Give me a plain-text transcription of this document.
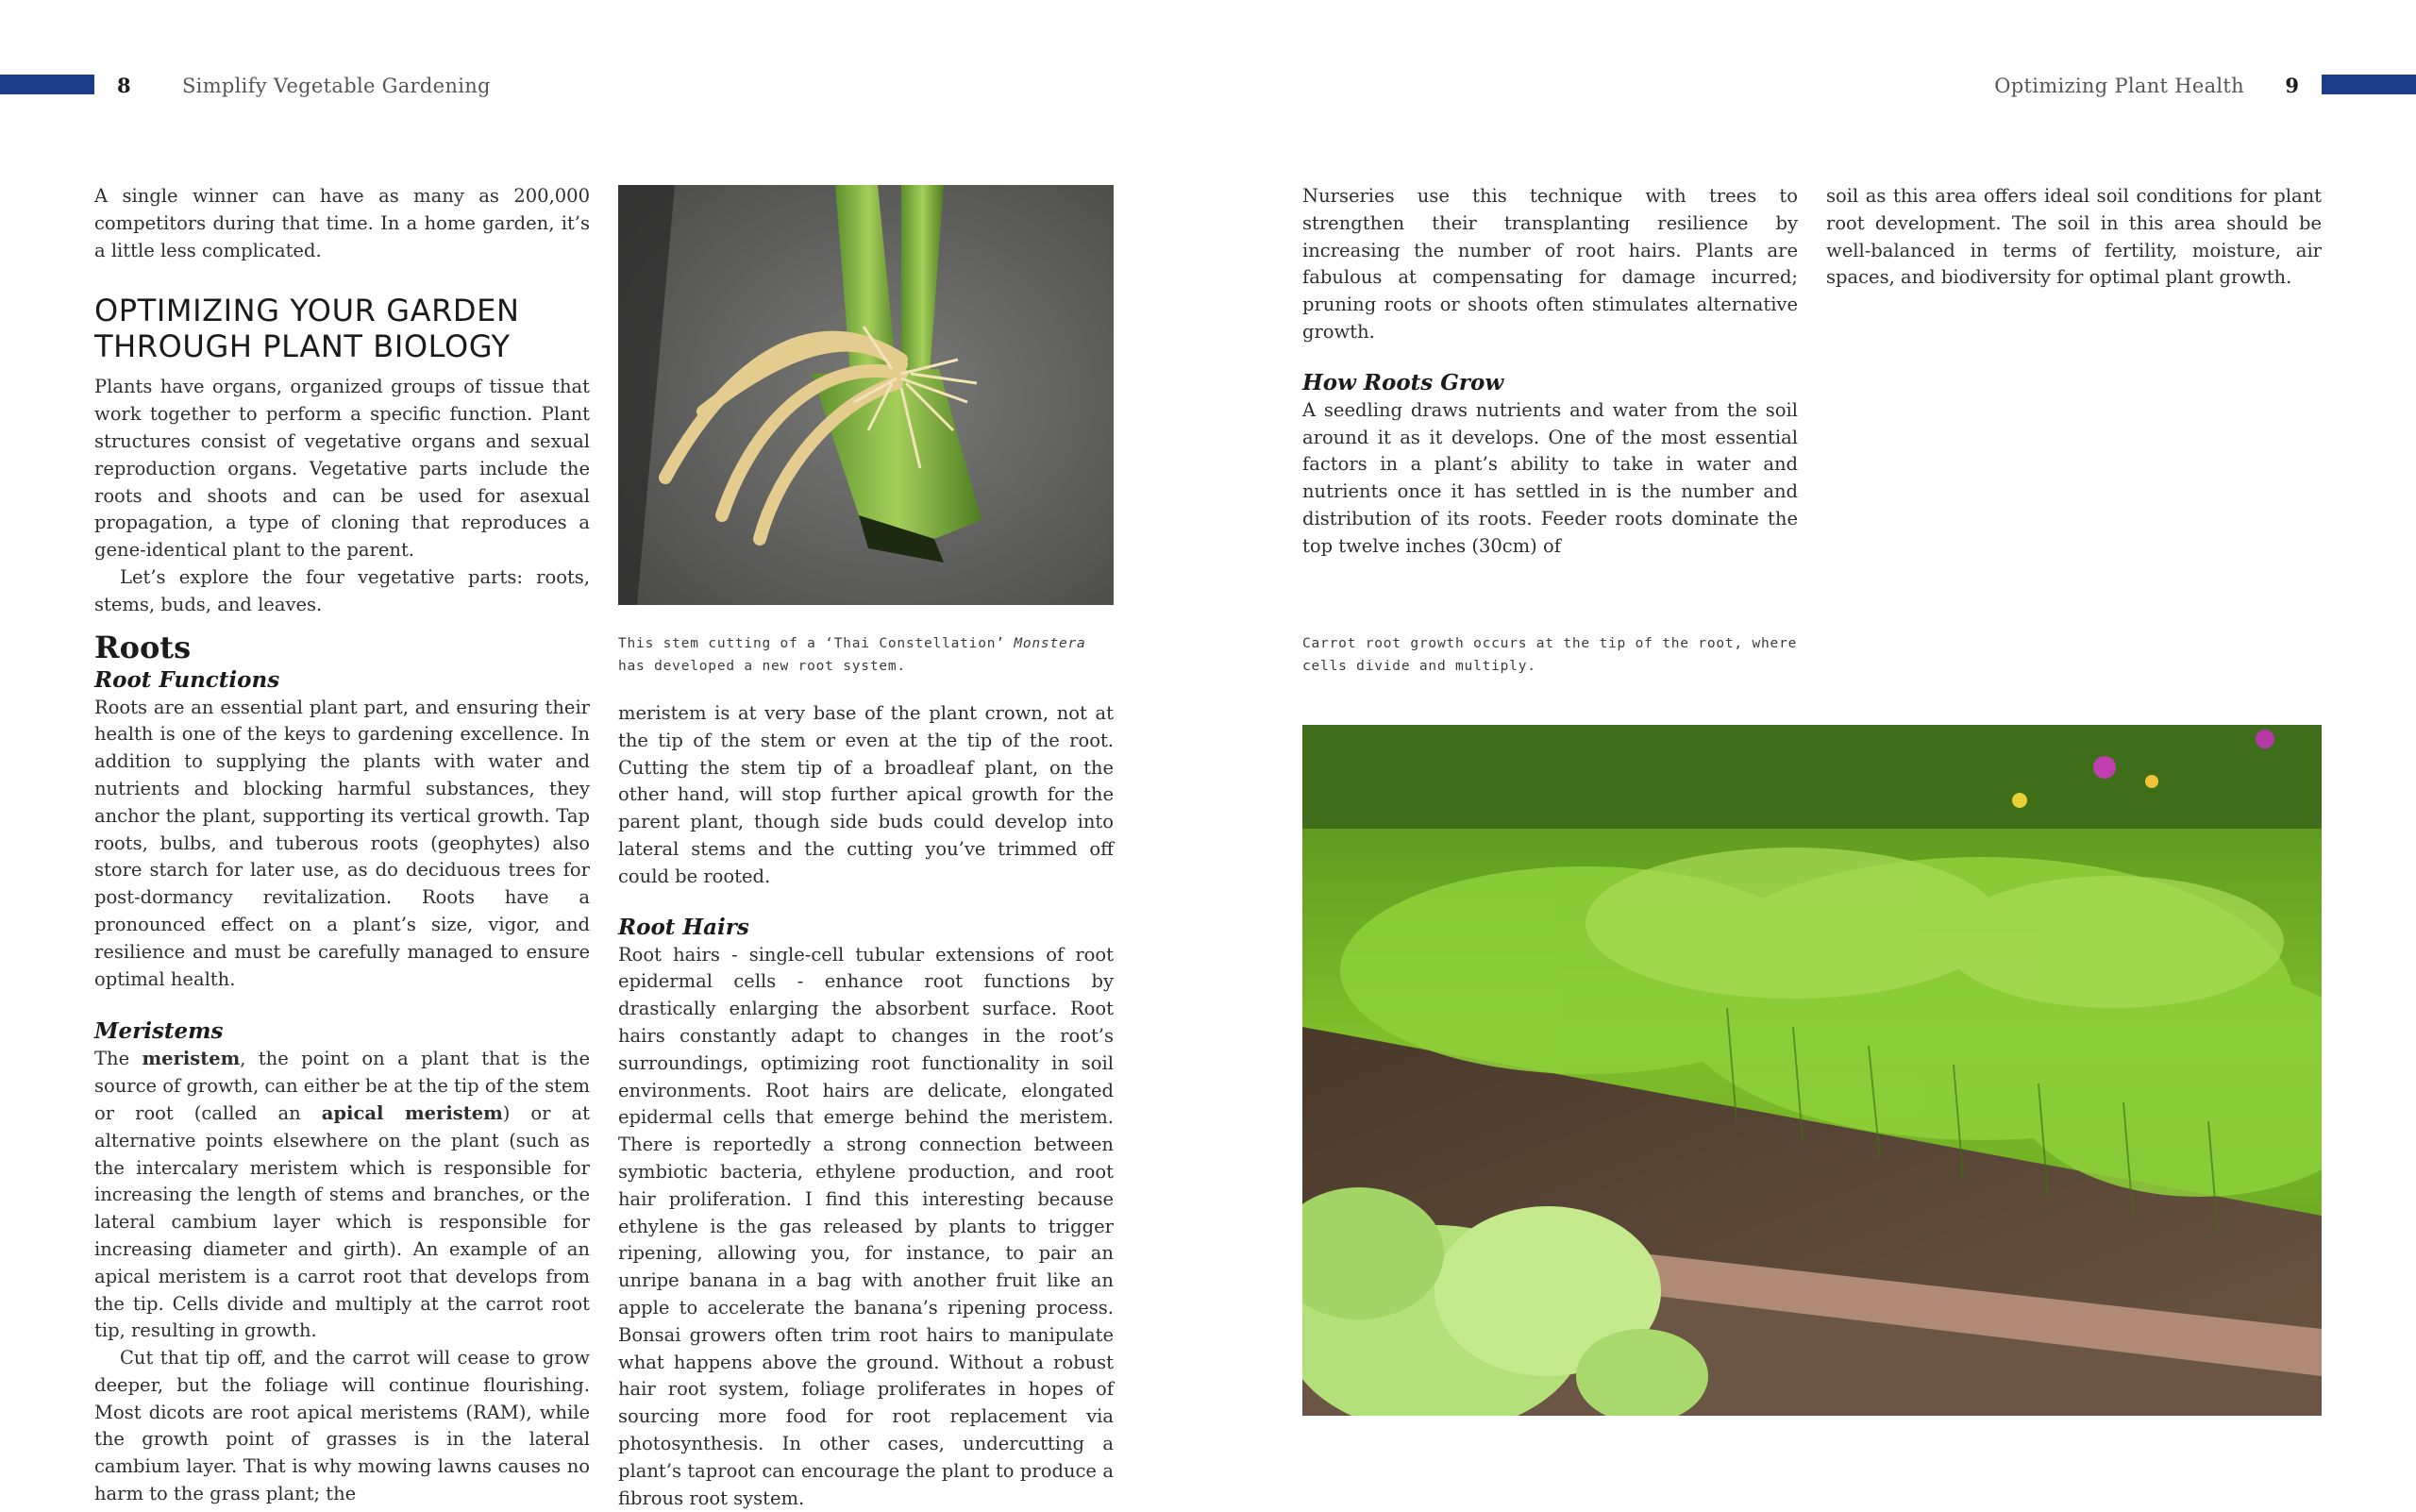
8	Simplify Vegetable Gardening

A single winner can have as many as 200,000 competitors during that time. In a home garden, it’s a little less complicated.

OPTIMIZING YOUR GARDEN THROUGH PLANT BIOLOGY

Plants have organs, organized groups of tissue that work together to perform a specific function. Plant structures consist of vegetative organs and sexual reproduction organs. Vegetative parts include the roots and shoots and can be used for asexual propagation, a type of cloning that reproduces a gene-identical plant to the parent.

Let’s explore the four vegetative parts: roots, stems, buds, and leaves.

Roots
Root Functions

Roots are an essential plant part, and ensuring their health is one of the keys to gardening excellence. In addition to supplying the plants with water and nutrients and blocking harmful substances, they anchor the plant, supporting its vertical growth. Tap roots, bulbs, and tuberous roots (geophytes) also store starch for later use, as do deciduous trees for post-dormancy revitalization. Roots have a pronounced effect on a plant’s size, vigor, and resilience and must be carefully managed to ensure optimal health.

Meristems

The meristem, the point on a plant that is the source of growth, can either be at the tip of the stem or root (called an apical meristem) or at alternative points elsewhere on the plant (such as the intercalary meristem which is responsible for increasing the length of stems and branches, or the lateral cambium layer which is responsible for increasing diameter and girth). An example of an apical meristem is a carrot root that develops from the tip. Cells divide and multiply at the carrot root tip, resulting in growth.

Cut that tip off, and the carrot will cease to grow deeper, but the foliage will continue flourishing. Most dicots are root apical meristems (RAM), while the growth point of grasses is in the lateral cambium layer. That is why mowing lawns causes no harm to the grass plant; the

This stem cutting of a ‘Thai Constellation’ Monstera has developed a new root system.

meristem is at very base of the plant crown, not at the tip of the stem or even at the tip of the root. Cutting the stem tip of a broadleaf plant, on the other hand, will stop further apical growth for the parent plant, though side buds could develop into lateral stems and the cutting you’ve trimmed off could be rooted.

Root Hairs

Root hairs - single-cell tubular extensions of root epidermal cells - enhance root functions by drastically enlarging the absorbent surface. Root hairs constantly adapt to changes in the root’s surroundings, optimizing root functionality in soil environments. Root hairs are delicate, elongated epidermal cells that emerge behind the meristem. There is reportedly a strong connection between symbiotic bacteria, ethylene production, and root hair proliferation. I find this interesting because ethylene is the gas released by plants to trigger ripening, allowing you, for instance, to pair an unripe banana in a bag with another fruit like an apple to accelerate the banana’s ripening process. Bonsai growers often trim root hairs to manipulate what happens above the ground. Without a robust hair root system, foliage proliferates in hopes of sourcing more food for root replacement via photosynthesis. In other cases, undercutting a plant’s taproot can encourage the plant to produce a fibrous root system.

Optimizing Plant Health 9

Nurseries use this technique with trees to strengthen their transplanting resilience by increasing the number of root hairs. Plants are fabulous at compensating for damage incurred; pruning roots or shoots often stimulates alternative growth.

How Roots Grow

A seedling draws nutrients and water from the soil around it as it develops. One of the most essential factors in a plant’s ability to take in water and nutrients once it has settled in is the number and distribution of its roots. Feeder roots dominate the top twelve inches (30cm) of

soil as this area offers ideal soil conditions for plant root development. The soil in this area should be well-balanced in terms of fertility, moisture, air spaces, and biodiversity for optimal plant growth.

Carrot root growth occurs at the tip of the root, where cells divide and multiply.
